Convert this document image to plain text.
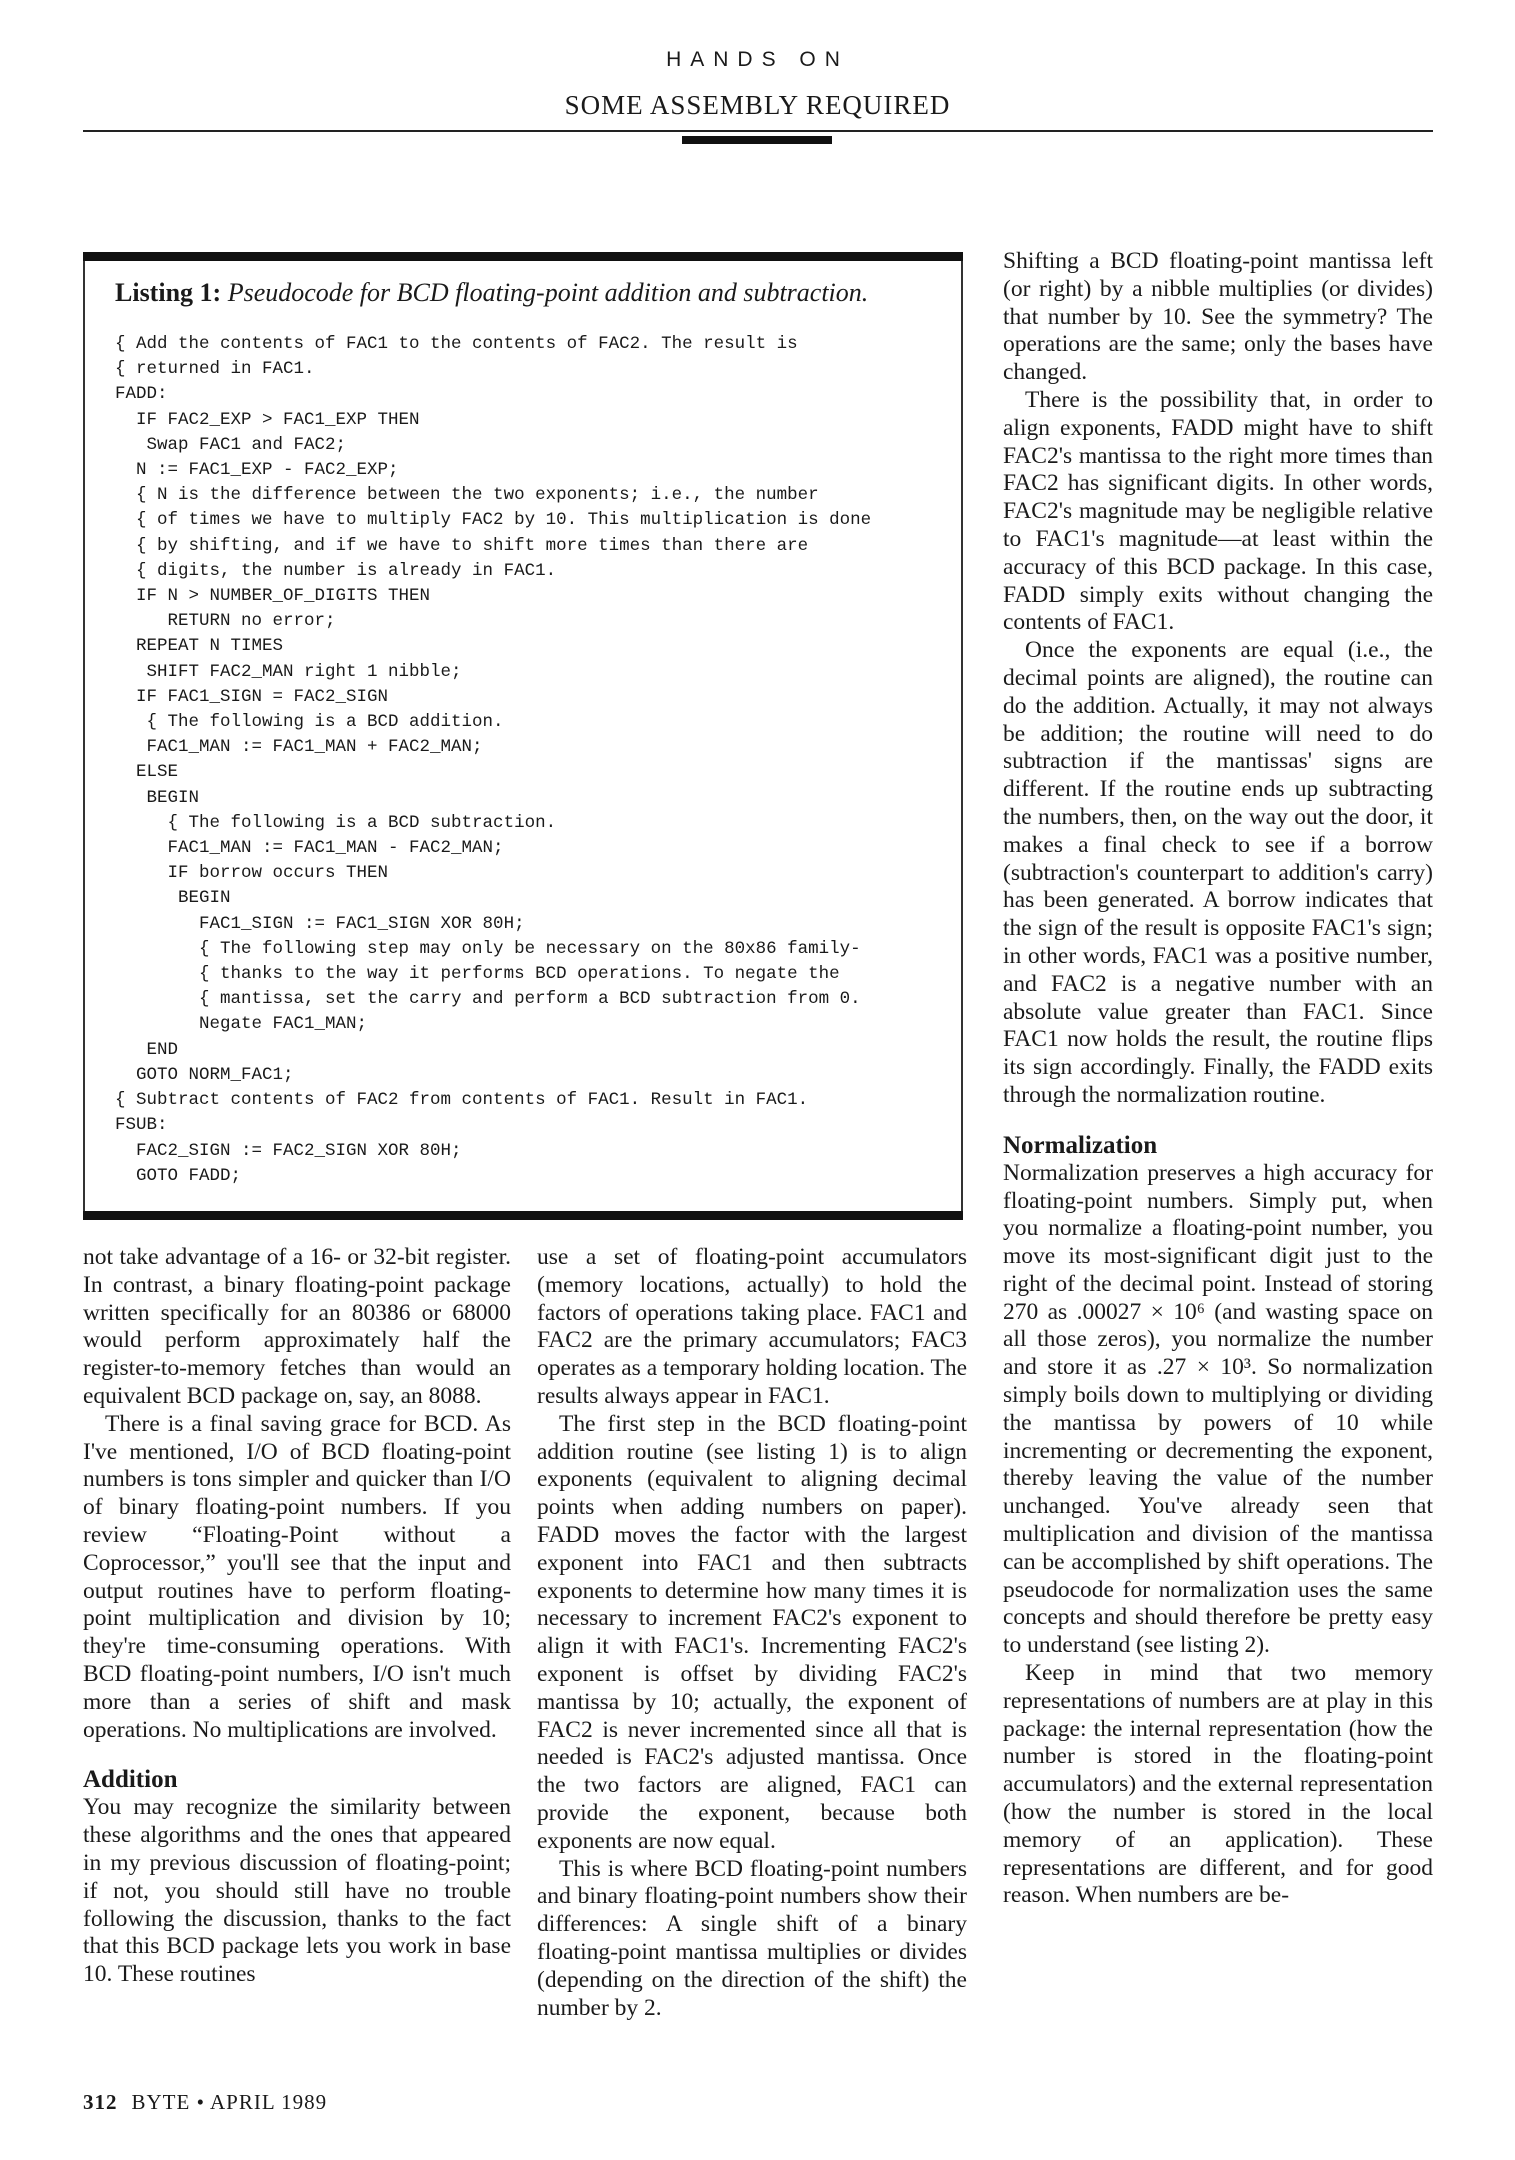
HANDS ON
SOME ASSEMBLY REQUIRED
Listing 1: Pseudocode for BCD floating-point addition and subtraction.
{ Add the contents of FAC1 to the contents of FAC2. The result is
{ returned in FAC1.
FADD:
IF FAC2_EXP > FAC1_EXP THEN
Swap FAC1 and FAC2;
N := FAC1_EXP - FAC2_EXP;
{ N is the difference between the two exponents; i.e., the number
{ of times we have to multiply FAC2 by 10. This multiplication is done
{ by shifting, and if we have to shift more times than there are
{ digits, the number is already in FAC1.
IF N > NUMBER_OF_DIGITS THEN
RETURN no error;
REPEAT N TIMES
SHIFT FAC2_MAN right 1 nibble;
IF FAC1_SIGN = FAC2_SIGN
{ The following is a BCD addition.
FAC1_MAN := FAC1_MAN + FAC2_MAN;
ELSE
BEGIN
{ The following is a BCD subtraction.
FAC1_MAN := FAC1_MAN - FAC2_MAN;
IF borrow occurs THEN
BEGIN
FAC1_SIGN := FAC1_SIGN XOR 80H;
{ The following step may only be necessary on the 80x86 family-
{ thanks to the way it performs BCD operations. To negate the
{ mantissa, set the carry and perform a BCD subtraction from 0.
Negate FAC1_MAN;
END
GOTO NORM_FAC1;
{ Subtract contents of FAC2 from contents of FAC1. Result in FAC1.
FSUB:
FAC2_SIGN := FAC2_SIGN XOR 80H;
GOTO FADD;

not take advantage of a 16- or 32-bit register. In contrast, a binary floating-point package written specifically for an 80386 or 68000 would perform approximately half the register-to-memory fetches than would an equivalent BCD package on, say, an 8088.

There is a final saving grace for BCD. As I've mentioned, I/O of BCD floating-point numbers is tons simpler and quicker than I/O of binary floating-point numbers. If you review “Floating-Point without a Coprocessor,” you'll see that the input and output routines have to perform floating-point multiplication and division by 10; they're time-consuming operations. With BCD floating-point numbers, I/O isn't much more than a series of shift and mask operations. No multiplications are involved.

Addition

You may recognize the similarity between these algorithms and the ones that appeared in my previous discussion of floating-point; if not, you should still have no trouble following the discussion, thanks to the fact that this BCD package lets you work in base 10. These routines

use a set of floating-point accumulators (memory locations, actually) to hold the factors of operations taking place. FAC1 and FAC2 are the primary accumulators; FAC3 operates as a temporary holding location. The results always appear in FAC1.

The first step in the BCD floating-point addition routine (see listing 1) is to align exponents (equivalent to aligning decimal points when adding numbers on paper). FADD moves the factor with the largest exponent into FAC1 and then subtracts exponents to determine how many times it is necessary to increment FAC2's exponent to align it with FAC1's. Incrementing FAC2's exponent is offset by dividing FAC2's mantissa by 10; actually, the exponent of FAC2 is never incremented since all that is needed is FAC2's adjusted mantissa. Once the two factors are aligned, FAC1 can provide the exponent, because both exponents are now equal.

This is where BCD floating-point numbers and binary floating-point numbers show their differences: A single shift of a binary floating-point mantissa multiplies or divides (depending on the direction of the shift) the number by 2.

Shifting a BCD floating-point mantissa left (or right) by a nibble multiplies (or divides) that number by 10. See the symmetry? The operations are the same; only the bases have changed.

There is the possibility that, in order to align exponents, FADD might have to shift FAC2's mantissa to the right more times than FAC2 has significant digits. In other words, FAC2's magnitude may be negligible relative to FAC1's magnitude—at least within the accuracy of this BCD package. In this case, FADD simply exits without changing the contents of FAC1.

Once the exponents are equal (i.e., the decimal points are aligned), the routine can do the addition. Actually, it may not always be addition; the routine will need to do subtraction if the mantissas' signs are different. If the routine ends up subtracting the numbers, then, on the way out the door, it makes a final check to see if a borrow (subtraction's counterpart to addition's carry) has been generated. A borrow indicates that the sign of the result is opposite FAC1's sign; in other words, FAC1 was a positive number, and FAC2 is a negative number with an absolute value greater than FAC1. Since FAC1 now holds the result, the routine flips its sign accordingly. Finally, the FADD exits through the normalization routine.

Normalization

Normalization preserves a high accuracy for floating-point numbers. Simply put, when you normalize a floating-point number, you move its most-significant digit just to the right of the decimal point. Instead of storing 270 as .00027 × 10⁶ (and wasting space on all those zeros), you normalize the number and store it as .27 × 10³. So normalization simply boils down to multiplying or dividing the mantissa by powers of 10 while incrementing or decrementing the exponent, thereby leaving the value of the number unchanged. You've already seen that multiplication and division of the mantissa can be accomplished by shift operations. The pseudocode for normalization uses the same concepts and should therefore be pretty easy to understand (see listing 2).

Keep in mind that two memory representations of numbers are at play in this package: the internal representation (how the number is stored in the floating-point accumulators) and the external representation (how the number is stored in the local memory of an application). These representations are different, and for good reason. When numbers are be-

312 BYTE • APRIL 1989
